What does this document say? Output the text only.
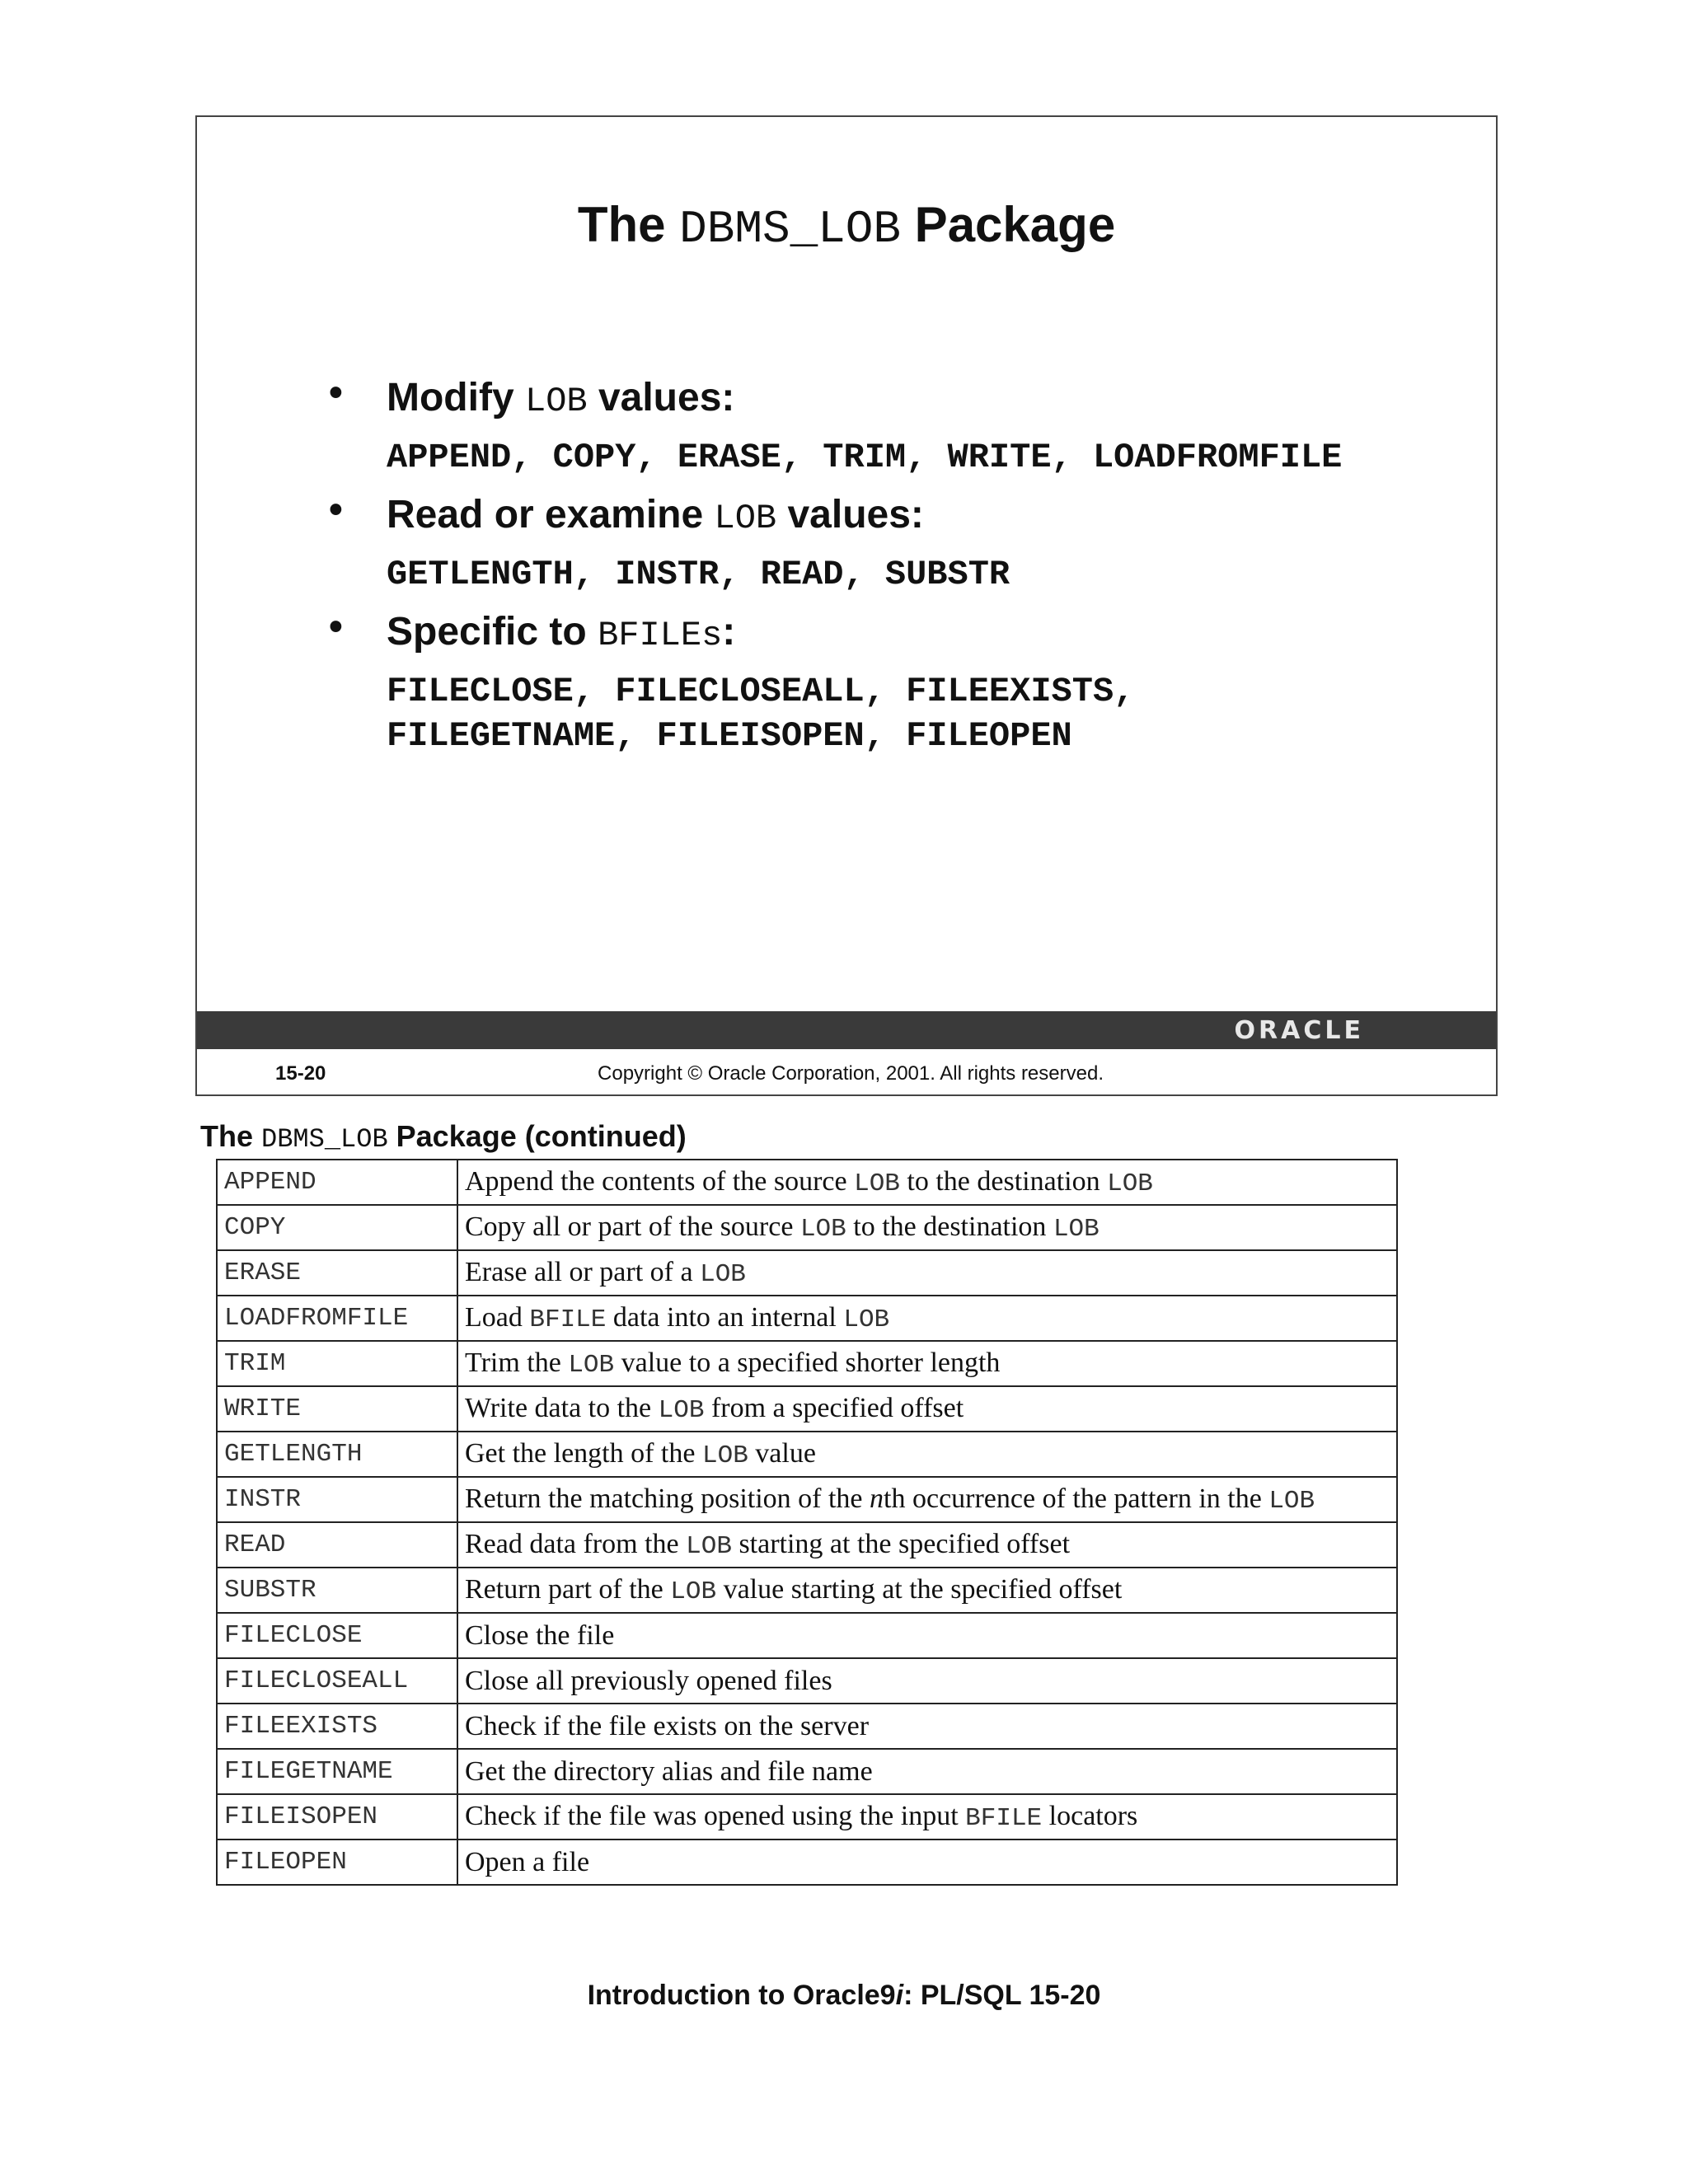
The DBMS_LOB Package
• Modify LOB values:
APPEND, COPY, ERASE, TRIM, WRITE, LOADFROMFILE
• Read or examine LOB values:
GETLENGTH, INSTR, READ, SUBSTR
• Specific to BFILEs:
FILECLOSE, FILECLOSEALL, FILEEXISTS,
FILEGETNAME, FILEISOPEN, FILEOPEN
ORACLE
15-20	Copyright © Oracle Corporation, 2001. All rights reserved.
The DBMS_LOB Package (continued)
APPEND	Append the contents of the source LOB to the destination LOB
COPY	Copy all or part of the source LOB to the destination LOB
ERASE	Erase all or part of a LOB
LOADFROMFILE	Load BFILE data into an internal LOB
TRIM	Trim the LOB value to a specified shorter length
WRITE	Write data to the LOB from a specified offset
GETLENGTH	Get the length of the LOB value
INSTR	Return the matching position of the nth occurrence of the pattern in the LOB
READ	Read data from the LOB starting at the specified offset
SUBSTR	Return part of the LOB value starting at the specified offset
FILECLOSE	Close the file
FILECLOSEALL	Close all previously opened files
FILEEXISTS	Check if the file exists on the server
FILEGETNAME	Get the directory alias and file name
FILEISOPEN	Check if the file was opened using the input BFILE locators
FILEOPEN	Open a file
Introduction to Oracle9i: PL/SQL 15-20
